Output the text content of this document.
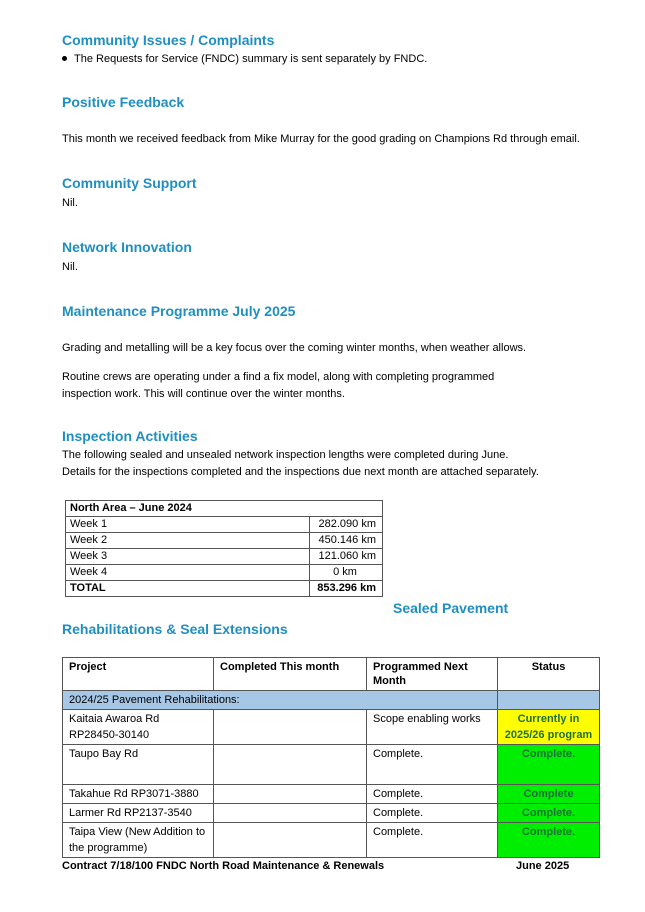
Community Issues / Complaints
The Requests for Service (FNDC) summary is sent separately by FNDC.
Positive Feedback

This month we received feedback from Mike Murray for the good grading on Champions Rd through email.

Community Support

Nil.

Network Innovation

Nil.

Maintenance Programme July 2025

Grading and metalling will be a key focus over the coming winter months, when weather allows.

Routine crews are operating under a find a fix model, along with completing programmed

inspection work. This will continue over the winter months.

Inspection Activities

The following sealed and unsealed network inspection lengths were completed during June.

Details for the inspections completed and the inspections due next month are attached separately.

North Area – June 2024	
Week 1	282.090 km
Week 2	450.146 km
Week 3	121.060 km
Week 4	0 km
TOTAL	853.296 km
Sealed Pavement
Rehabilitations & Seal Extensions
Project	Completed This month	Programmed Next Month	Status
2024/25 Pavement Rehabilitations:			
Kaitaia Awaroa Rd RP28450-30140		Scope enabling works	Currently in 2025/26 program
Taupo Bay Rd		Complete.	Complete.
Takahue Rd RP3071-3880		Complete.	Complete
Larmer Rd RP2137-3540		Complete.	Complete.
Taipa View (New Addition to the programme)		Complete.	Complete.
Contract 7/18/100 FNDC North Road Maintenance & Renewals	June 2025
